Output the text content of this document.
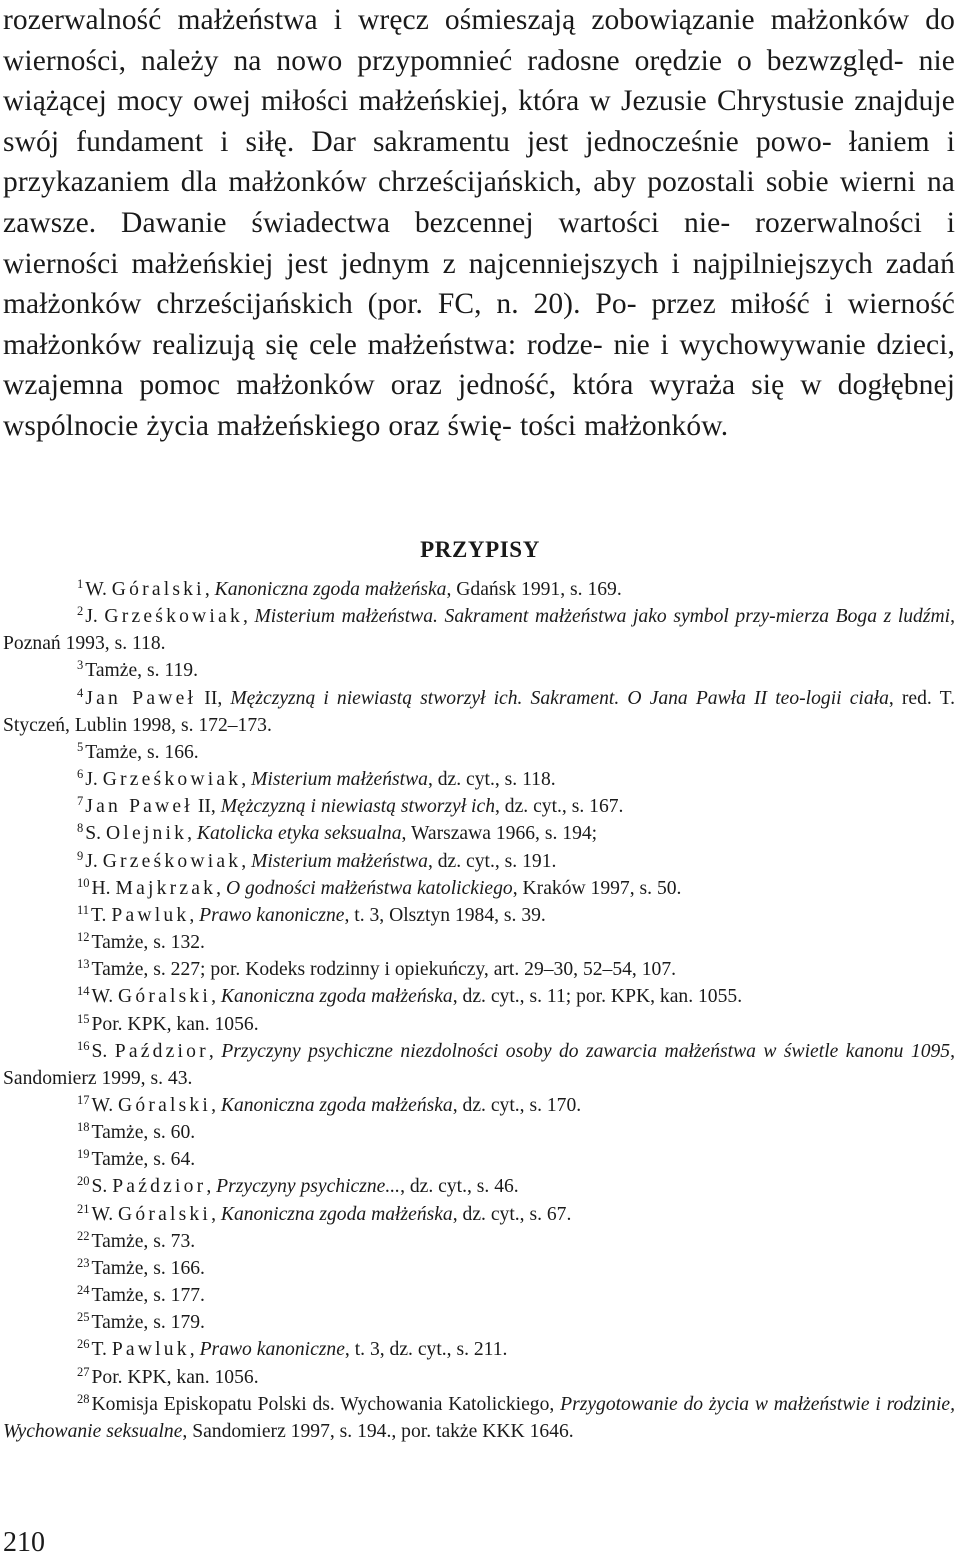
rozerwalność małżeństwa i wręcz ośmieszają zobowiązanie małżonków do wierności, należy na nowo przypomnieć radosne orędzie o bezwzględ- nie wiążącej mocy owej miłości małżeńskiej, która w Jezusie Chrystusie znajduje swój fundament i siłę. Dar sakramentu jest jednocześnie powo- łaniem i przykazaniem dla małżonków chrześcijańskich, aby pozostali sobie wierni na zawsze. Dawanie świadectwa bezcennej wartości nie- rozerwalności i wierności małżeńskiej jest jednym z najcenniejszych i najpilniejszych zadań małżonków chrześcijańskich (por. FC, n. 20). Po- przez miłość i wierność małżonków realizują się cele małżeństwa: rodze- nie i wychowywanie dzieci, wzajemna pomoc małżonków oraz jedność, która wyraża się w dogłębnej wspólnocie życia małżeńskiego oraz świę- tości małżonków.

PRZYPISY
1 W. Góralski, Kanoniczna zgoda małżeńska, Gdańsk 1991, s. 169.
2 J. Grześkowiak, Misterium małżeństwa. Sakrament małżeństwa jako symbol przy-mierza Boga z ludźmi, Poznań 1993, s. 118.
3 Tamże, s. 119.
4 Jan Paweł II, Mężczyzną i niewiastą stworzył ich. Sakrament. O Jana Pawła II teo-logii ciała, red. T. Styczeń, Lublin 1998, s. 172–173.
5 Tamże, s. 166.
6 J. Grześkowiak, Misterium małżeństwa, dz. cyt., s. 118.
7 Jan Paweł II, Mężczyzną i niewiastą stworzył ich, dz. cyt., s. 167.
8 S. Olejnik, Katolicka etyka seksualna, Warszawa 1966, s. 194;
9 J. Grześkowiak, Misterium małżeństwa, dz. cyt., s. 191.
10 H. Majkrzak, O godności małżeństwa katolickiego, Kraków 1997, s. 50.
11 T. Pawluk, Prawo kanoniczne, t. 3, Olsztyn 1984, s. 39.
12 Tamże, s. 132.
13 Tamże, s. 227; por. Kodeks rodzinny i opiekuńczy, art. 29–30, 52–54, 107.
14 W. Góralski, Kanoniczna zgoda małżeńska, dz. cyt., s. 11; por. KPK, kan. 1055.
15 Por. KPK, kan. 1056.
16 S. Paździor, Przyczyny psychiczne niezdolności osoby do zawarcia małżeństwa w świetle kanonu 1095, Sandomierz 1999, s. 43.
17 W. Góralski, Kanoniczna zgoda małżeńska, dz. cyt., s. 170.
18 Tamże, s. 60.
19 Tamże, s. 64.
20 S. Paździor, Przyczyny psychiczne..., dz. cyt., s. 46.
21 W. Góralski, Kanoniczna zgoda małżeńska, dz. cyt., s. 67.
22 Tamże, s. 73.
23 Tamże, s. 166.
24 Tamże, s. 177.
25 Tamże, s. 179.
26 T. Pawluk, Prawo kanoniczne, t. 3, dz. cyt., s. 211.
27 Por. KPK, kan. 1056.
28 Komisja Episkopatu Polski ds. Wychowania Katolickiego, Przygotowanie do życia w małżeństwie i rodzinie, Wychowanie seksualne, Sandomierz 1997, s. 194., por. także KKK 1646.
210
